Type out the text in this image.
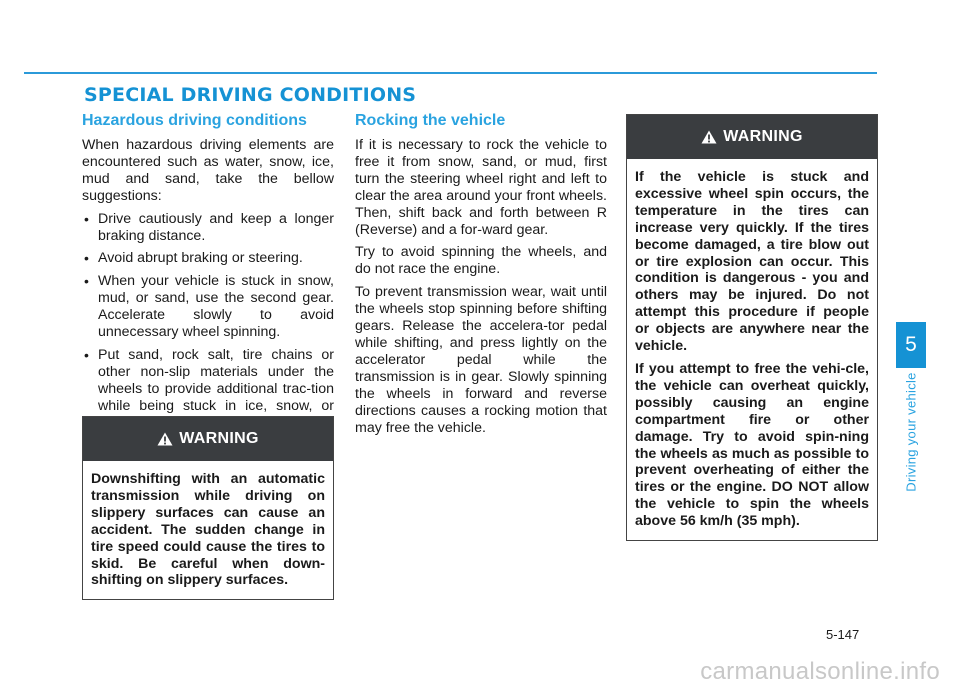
SPECIAL DRIVING CONDITIONS
Hazardous driving conditions

When hazardous driving elements are encountered such as water, snow, ice, mud and sand, take the bellow suggestions:

• Drive cautiously and keep a longer braking distance.
• Avoid abrupt braking or steering.
• When your vehicle is stuck in snow, mud, or sand, use the second gear. Accelerate slowly to avoid unnecessary wheel spinning.
• Put sand, rock salt, tire chains or other non-slip materials under the wheels to provide additional trac-tion while being stuck in ice, snow, or
WARNING

Downshifting with an automatic transmission while driving on slippery surfaces can cause an accident. The sudden change in tire speed could cause the tires to skid. Be careful when down-shifting on slippery surfaces.

Rocking the vehicle

If it is necessary to rock the vehicle to free it from snow, sand, or mud, first turn the steering wheel right and left to clear the area around your front wheels. Then, shift back and forth between R (Reverse) and a for-ward gear.

Try to avoid spinning the wheels, and do not race the engine.

To prevent transmission wear, wait until the wheels stop spinning before shifting gears. Release the accelera-tor pedal while shifting, and press lightly on the accelerator pedal while the transmission is in gear. Slowly spinning the wheels in forward and reverse directions causes a rocking motion that may free the vehicle.

WARNING

If the vehicle is stuck and excessive wheel spin occurs, the temperature in the tires can increase very quickly. If the tires become damaged, a tire blow out or tire explosion can occur. This condition is dangerous - you and others may be injured. Do not attempt this procedure if people or objects are anywhere near the vehicle.

If you attempt to free the vehi-cle, the vehicle can overheat quickly, possibly causing an engine compartment fire or other damage. Try to avoid spin-ning the wheels as much as possible to prevent overheating of either the tires or the engine. DO NOT allow the vehicle to spin the wheels above 56 km/h (35 mph).

5
Driving your vehicle
5-147
carmanualsonline.info
